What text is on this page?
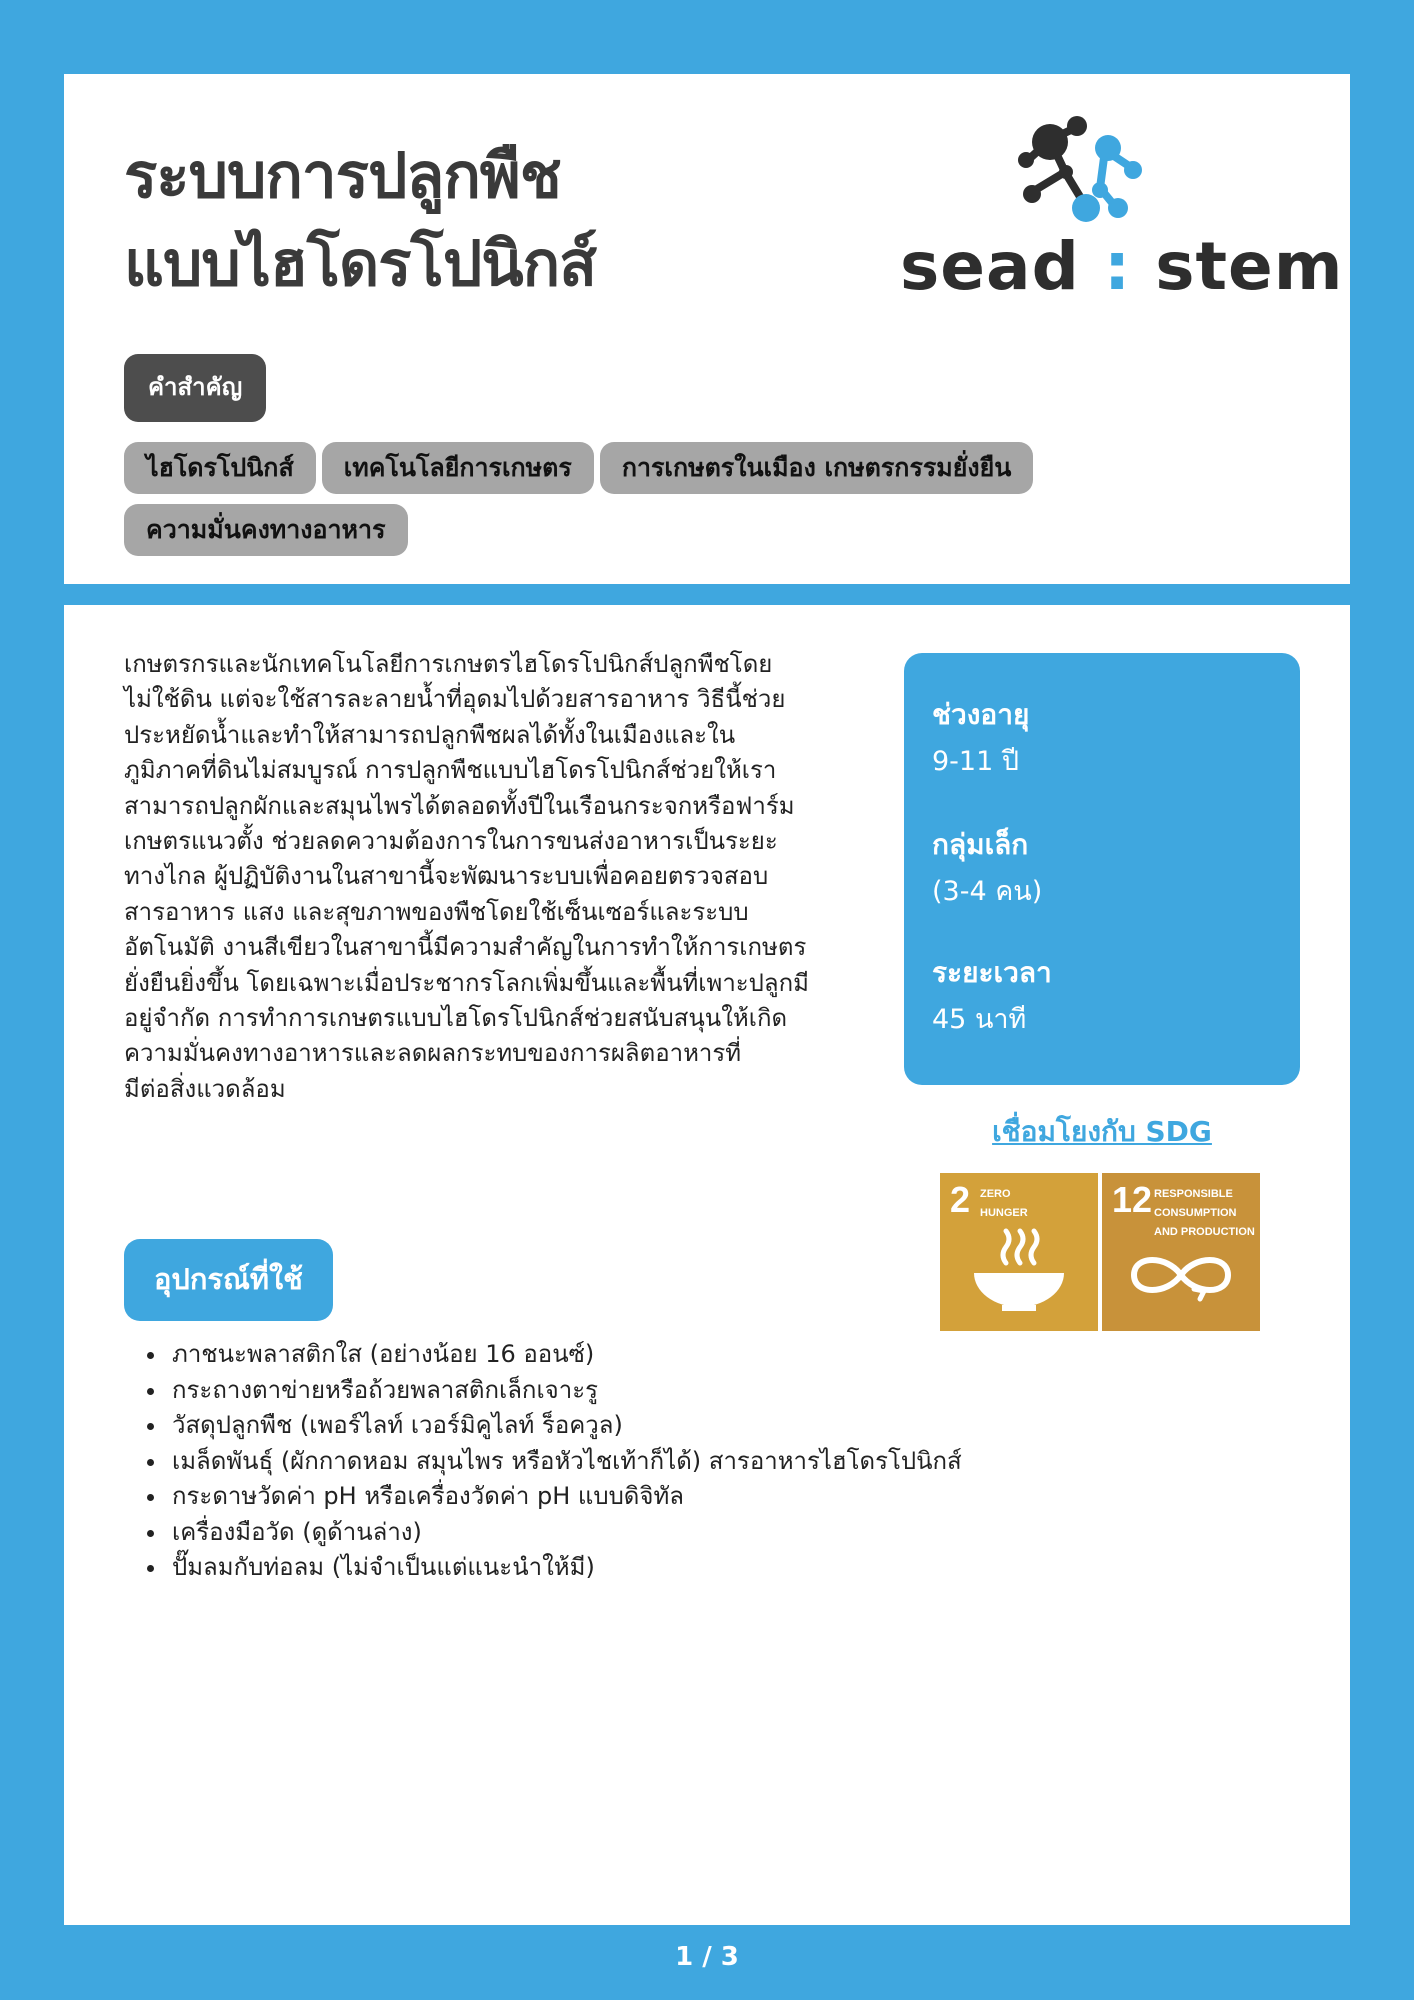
ระบบการปลูกพืช
แบบไฮโดรโปนิกส์	sead : stem
คำสำคัญ
ไฮโดรโปนิกส์ เทคโนโลยีการเกษตร การเกษตรในเมือง เกษตรกรรมยั่งยืน
ความมั่นคงทางอาหาร

เกษตรกรและนักเทคโนโลยีการเกษตรไฮโดรโปนิกส์ปลูกพืชโดย
ไม่ใช้ดิน แต่จะใช้สารละลายน้ำที่อุดมไปด้วยสารอาหาร วิธีนี้ช่วย
ประหยัดน้ำและทำให้สามารถปลูกพืชผลได้ทั้งในเมืองและใน
ภูมิภาคที่ดินไม่สมบูรณ์ การปลูกพืชแบบไฮโดรโปนิกส์ช่วยให้เรา
สามารถปลูกผักและสมุนไพรได้ตลอดทั้งปีในเรือนกระจกหรือฟาร์ม
เกษตรแนวตั้ง ช่วยลดความต้องการในการขนส่งอาหารเป็นระยะ
ทางไกล ผู้ปฏิบัติงานในสาขานี้จะพัฒนาระบบเพื่อคอยตรวจสอบ
สารอาหาร แสง และสุขภาพของพืชโดยใช้เซ็นเซอร์และระบบ
อัตโนมัติ งานสีเขียวในสาขานี้มีความสำคัญในการทำให้การเกษตร
ยั่งยืนยิ่งขึ้น โดยเฉพาะเมื่อประชากรโลกเพิ่มขึ้นและพื้นที่เพาะปลูกมี
อยู่จำกัด การทำการเกษตรแบบไฮโดรโปนิกส์ช่วยสนับสนุนให้เกิด
ความมั่นคงทางอาหารและลดผลกระทบของการผลิตอาหารที่
มีต่อสิ่งแวดล้อม

ช่วงอายุ
9-11 ปี
กลุ่มเล็ก
(3-4 คน)
ระยะเวลา
45 นาที
เชื่อมโยงกับ SDG
2 ZERO
HUNGER 12 RESPONSIBLE
CONSUMPTION
AND PRODUCTION
อุปกรณ์ที่ใช้
• ภาชนะพลาสติกใส (อย่างน้อย 16 ออนซ์)
• กระถางตาข่ายหรือถ้วยพลาสติกเล็กเจาะรู
• วัสดุปลูกพืช (เพอร์ไลท์ เวอร์มิคูไลท์ ร็อควูล)
• เมล็ดพันธุ์ (ผักกาดหอม สมุนไพร หรือหัวไชเท้าก็ได้) สารอาหารไฮโดรโปนิกส์
• กระดาษวัดค่า pH หรือเครื่องวัดค่า pH แบบดิจิทัล
• เครื่องมือวัด (ดูด้านล่าง)
• ปั๊มลมกับท่อลม (ไม่จำเป็นแต่แนะนำให้มี)
1 / 3
